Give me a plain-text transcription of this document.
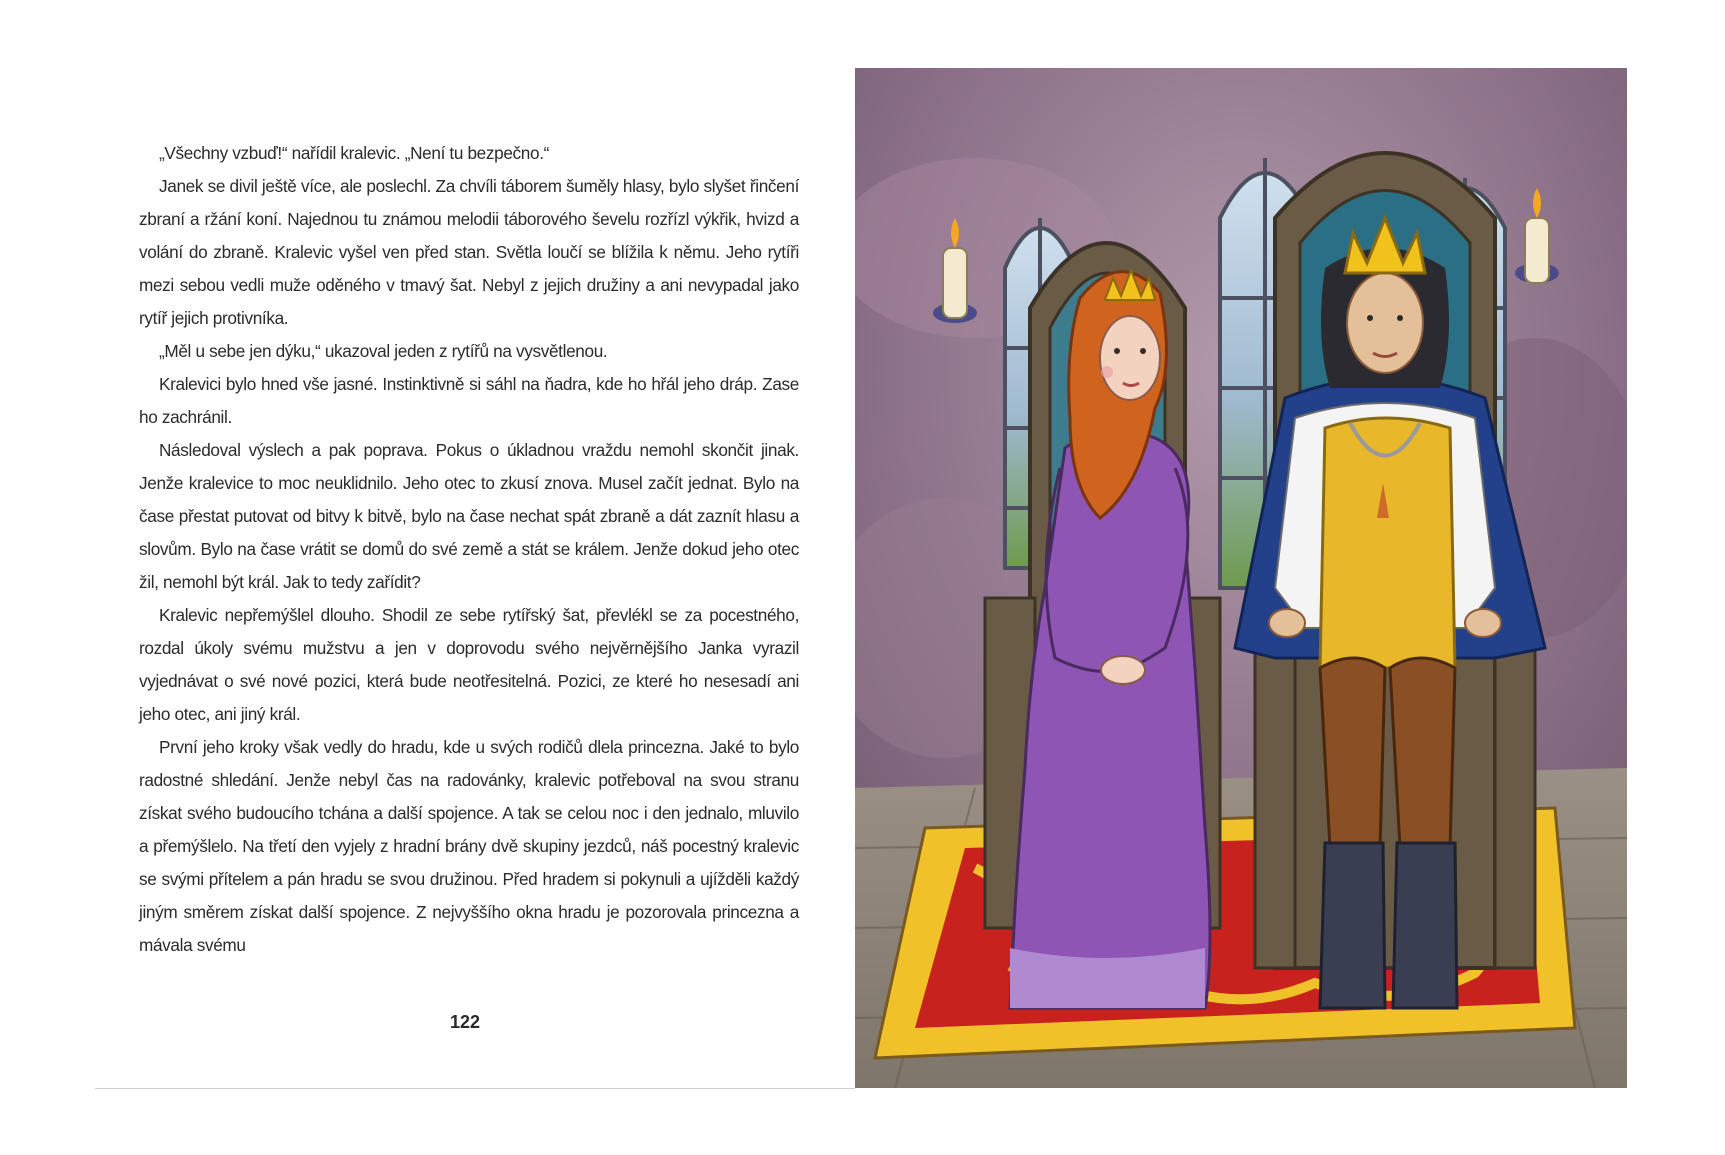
„Všechny vzbuď!“ nařídil kralevic. „Není tu bezpečno.“

Janek se divil ještě více, ale poslechl. Za chvíli táborem šuměly hlasy, bylo slyšet řinčení zbraní a ržání koní. Najednou tu známou melodii táborového ševelu rozřízl výkřik, hvizd a volání do zbraně. Kralevic vyšel ven před stan. Světla loučí se blížila k němu. Jeho rytíři mezi sebou vedli muže oděného v tmavý šat. Nebyl z jejich družiny a ani nevypadal jako rytíř jejich protivníka.

„Měl u sebe jen dýku,“ ukazoval jeden z rytířů na vysvětlenou.

Kralevici bylo hned vše jasné. Instinktivně si sáhl na ňadra, kde ho hřál jeho dráp. Zase ho zachránil.

Následoval výslech a pak poprava. Pokus o úkladnou vraždu nemohl skončit jinak. Jenže kralevice to moc neuklidnilo. Jeho otec to zkusí znova. Musel začít jednat. Bylo na čase přestat putovat od bitvy k bitvě, bylo na čase nechat spát zbraně a dát zaznít hlasu a slovům. Bylo na čase vrátit se domů do své země a stát se králem. Jenže dokud jeho otec žil, nemohl být král. Jak to tedy zařídit?

Kralevic nepřemýšlel dlouho. Shodil ze sebe rytířský šat, převlékl se za pocestného, rozdal úkoly svému mužstvu a jen v doprovodu svého nejvěrnějšího Janka vyrazil vyjednávat o své nové pozici, která bude neotřesitelná. Pozici, ze které ho nesesadí ani jeho otec, ani jiný král.

První jeho kroky však vedly do hradu, kde u svých rodičů dlela princezna. Jaké to bylo radostné shledání. Jenže nebyl čas na radovánky, kralevic potřeboval na svou stranu získat svého budoucího tchána a další spojence. A tak se celou noc i den jednalo, mluvilo a přemýšlelo. Na třetí den vyjely z hradní brány dvě skupiny jezdců, náš pocestný kralevic se svými přítelem a pán hradu se svou družinou. Před hradem si pokynuli a ujížděli každý jiným směrem získat další spojence. Z nejvyššího okna hradu je pozorovala princezna a mávala svému

122
